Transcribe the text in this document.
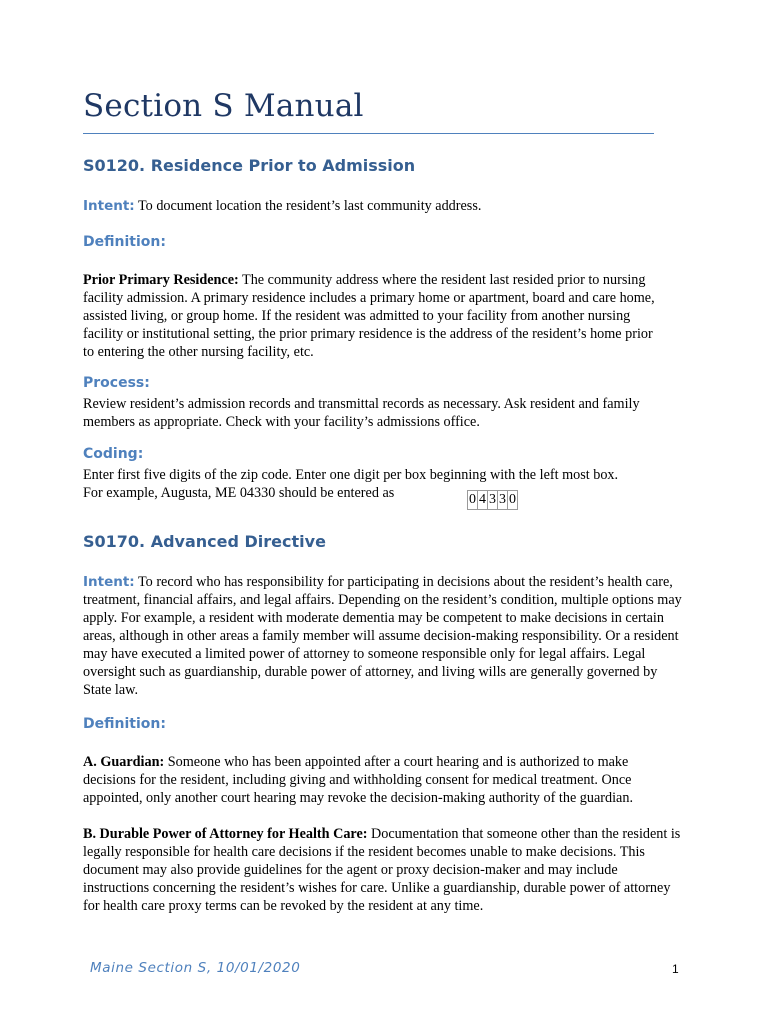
Section S Manual
S0120. Residence Prior to Admission
Intent: To document location the resident’s last community address.
Definition:
Prior Primary Residence: The community address where the resident last resided prior to nursing facility admission. A primary residence includes a primary home or apartment, board and care home, assisted living, or group home. If the resident was admitted to your facility from another nursing facility or institutional setting, the prior primary residence is the address of the resident’s home prior to entering the other nursing facility, etc.
Process:
Review resident’s admission records and transmittal records as necessary. Ask resident and family members as appropriate. Check with your facility’s admissions office.
Coding:
Enter first five digits of the zip code. Enter one digit per box beginning with the left most box.
For example, Augusta, ME 04330 should be entered as	0 4 3 3 0
S0170. Advanced Directive
Intent: To record who has responsibility for participating in decisions about the resident’s health care, treatment, financial affairs, and legal affairs. Depending on the resident’s condition, multiple options may apply. For example, a resident with moderate dementia may be competent to make decisions in certain areas, although in other areas a family member will assume decision-making responsibility. Or a resident may have executed a limited power of attorney to someone responsible only for legal affairs. Legal oversight such as guardianship, durable power of attorney, and living wills are generally governed by State law.
Definition:
A. Guardian: Someone who has been appointed after a court hearing and is authorized to make decisions for the resident, including giving and withholding consent for medical treatment. Once appointed, only another court hearing may revoke the decision-making authority of the guardian.
B. Durable Power of Attorney for Health Care: Documentation that someone other than the resident is legally responsible for health care decisions if the resident becomes unable to make decisions. This document may also provide guidelines for the agent or proxy decision-maker and may include instructions concerning the resident’s wishes for care. Unlike a guardianship, durable power of attorney for health care proxy terms can be revoked by the resident at any time.
Maine Section S, 10/01/2020	1
